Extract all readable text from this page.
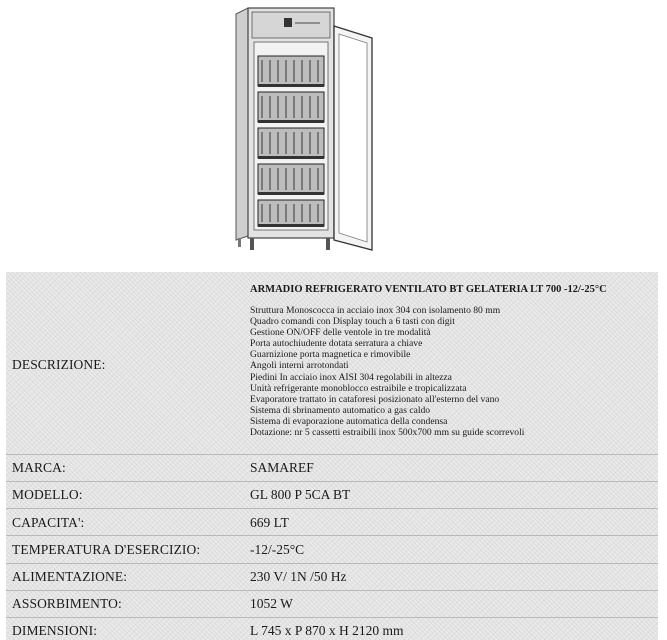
DESCRIZIONE:
ARMADIO REFRIGERATO VENTILATO BT GELATERIA LT 700 -12/-25°C
Struttura Monoscocca in acciaio inox 304 con isolamento 80 mm
Quadro comandi con Display touch a 6 tasti con digit
Gestione ON/OFF delle ventole in tre modalità
Porta autochiudente dotata serratura a chiave
Guarnizione porta magnetica e rimovibile
Angoli interni arrotondati
Piedini In acciaio inox AISI 304 regolabili in altezza
Unità refrigerante monoblocco estraibile e tropicalizzata
Evaporatore trattato in cataforesi posizionato all'esterno del vano
Sistema di sbrinamento automatico a gas caldo
Sistema di evaporazione automatica della condensa
Dotazione: nr 5 cassetti estraibili inox 500x700 mm su guide scorrevoli
MARCA:	SAMAREF
MODELLO:	GL 800 P 5CA BT
CAPACITA':	669 LT
TEMPERATURA D'ESERCIZIO:	-12/-25°C
ALIMENTAZIONE:	230 V/ 1N /50 Hz
ASSORBIMENTO:	1052 W
DIMENSIONI:	L 745 x P 870 x H 2120 mm
